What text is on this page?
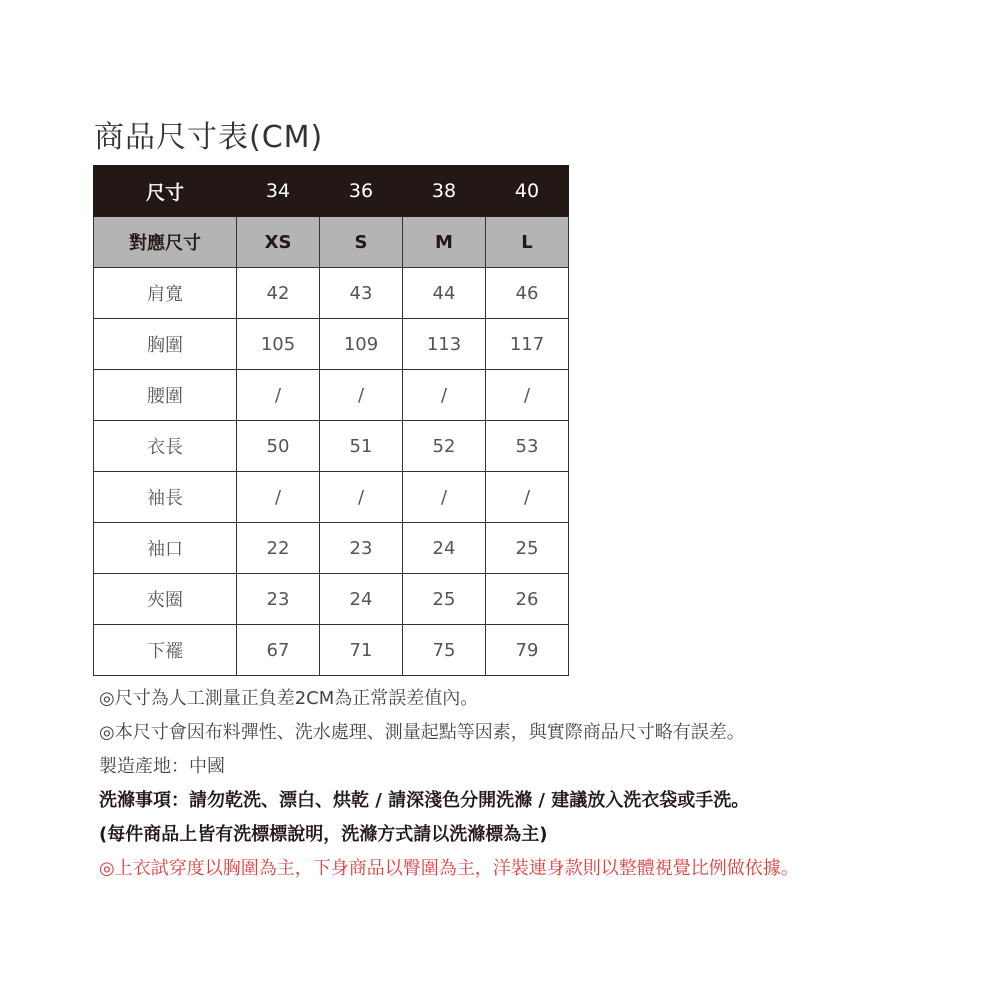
商品尺寸表(CM)
尺寸	34	36	38	40
對應尺寸	XS	S	M	L
肩寬	42	43	44	46
胸圍	105	109	113	117
腰圍	/	/	/	/
衣長	50	51	52	53
袖長	/	/	/	/
袖口	22	23	24	25
夾圈	23	24	25	26
下襬	67	71	75	79
◎尺寸為人工測量正負差2CM為正常誤差值內。
◎本尺寸會因布料彈性、洗水處理、測量起點等因素，與實際商品尺寸略有誤差。
製造產地：中國
洗滌事項：請勿乾洗、漂白、烘乾 / 請深淺色分開洗滌 / 建議放入洗衣袋或手洗。
(每件商品上皆有洗標標說明，洗滌方式請以洗滌標為主)
◎上衣試穿度以胸圍為主，下身商品以臀圍為主，洋裝連身款則以整體視覺比例做依據。
